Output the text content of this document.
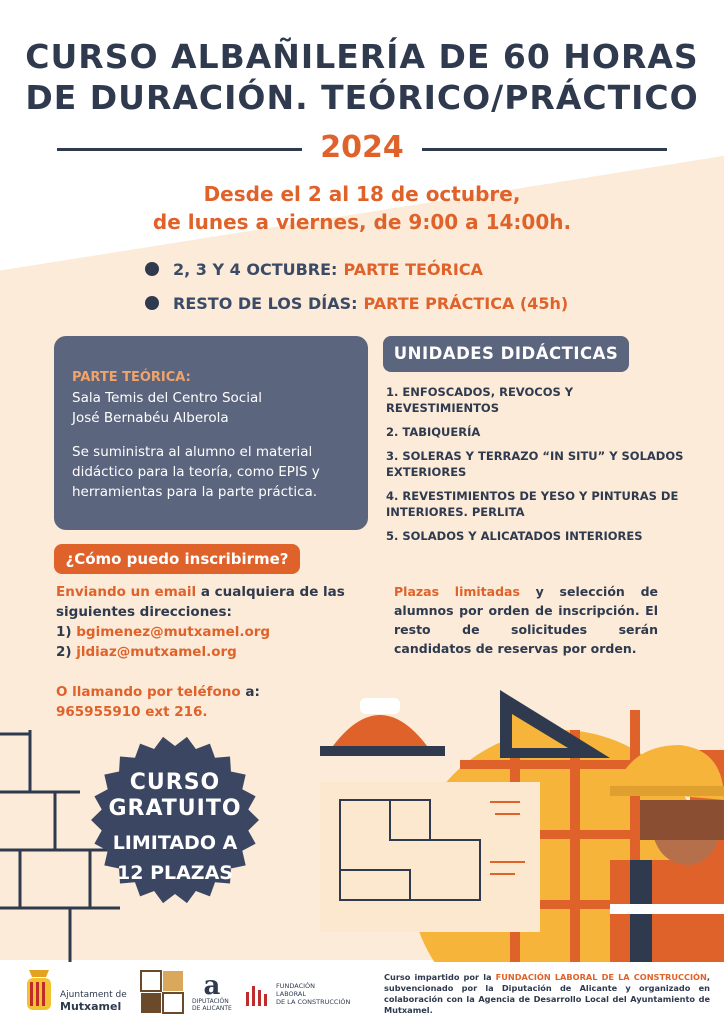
CURSO ALBAÑILERÍA DE 60 HORAS
DE DURACIÓN. TEÓRICO/PRÁCTICO
2024
Desde el 2 al 18 de octubre,
de lunes a viernes, de 9:00 a 14:00h.
2, 3 Y 4 OCTUBRE: PARTE TEÓRICA
RESTO DE LOS DÍAS: PARTE PRÁCTICA (45h)
PARTE TEÓRICA:
Sala Temis del Centro Social
José Bernabéu Alberola
Se suministra al alumno el material
didáctico para la teoría, como EPIS y
herramientas para la parte práctica.
UNIDADES DIDÁCTICAS
1. ENFOSCADOS, REVOCOS Y REVESTIMIENTOS
2. TABIQUERÍA
3. SOLERAS Y TERRAZO “IN SITU” Y SOLADOS EXTERIORES
4. REVESTIMIENTOS DE YESO Y PINTURAS DE INTERIORES. PERLITA
5. SOLADOS Y ALICATADOS INTERIORES
¿Cómo puedo inscribirme?
Enviando un email a cualquiera de las
siguientes direcciones:
1) bgimenez@mutxamel.org
2) jldiaz@mutxamel.org
O llamando por teléfono a:
965955910 ext 216.
Plazas limitadas y selección de alumnos por orden de inscripción. El resto de solicitudes serán candidatos de reservas por orden.
CURSO
GRATUITO
LIMITADO A
12 PLAZAS
Ajuntament de
Mutxamel
a
DIPUTACIÓN
DE ALICANTE
FUNDACIÓN
LABORAL
DE LA CONSTRUCCIÓN
Curso impartido por la FUNDACIÓN LABORAL DE LA CONSTRUCCIÓN, subvencionado por la Diputación de Alicante y organizado en colaboración con la Agencia de Desarrollo Local del Ayuntamiento de Mutxamel.
